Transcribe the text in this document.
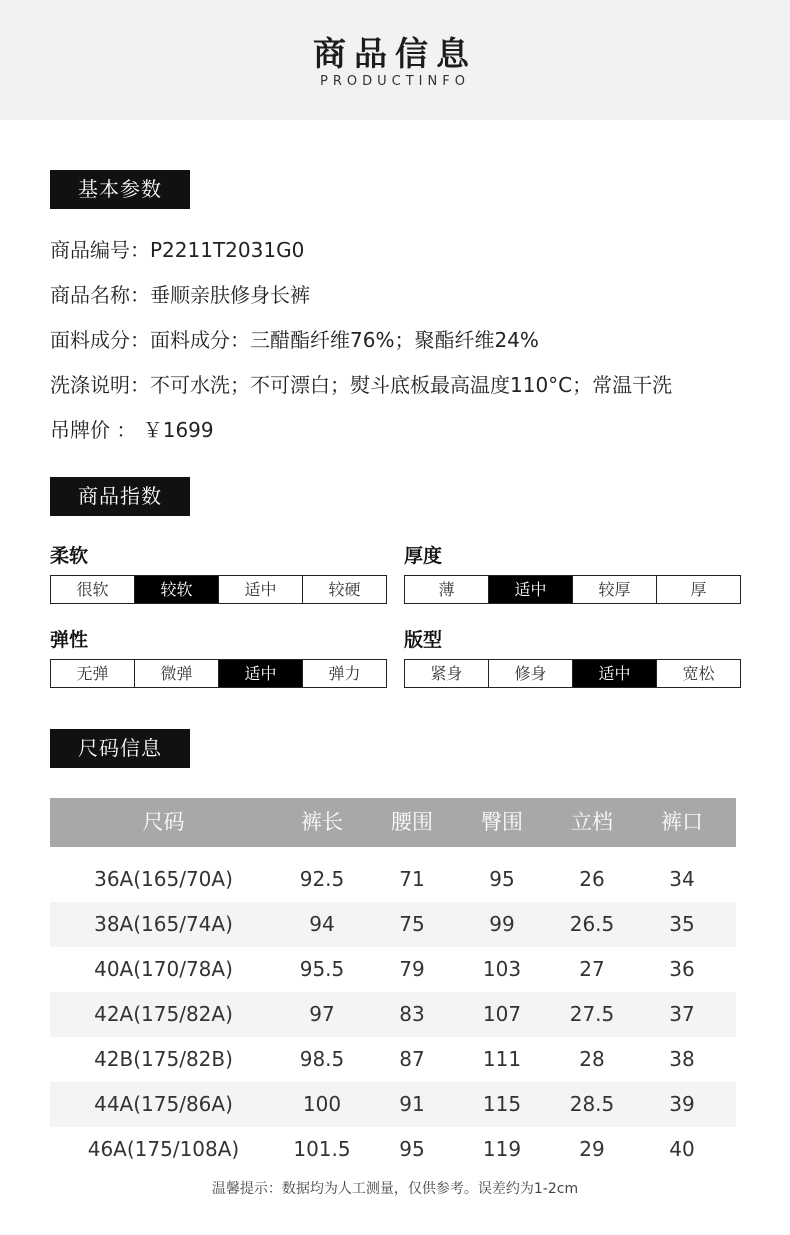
商品信息
PRODUCTINFO
基本参数
商品编号：P2211T2031G0
商品名称：垂顺亲肤修身长裤
面料成分：面料成分：三醋酯纤维76%；聚酯纤维24%
洗涤说明：不可水洗；不可漂白；熨斗底板最高温度110°C；常温干洗
吊牌价 ： ￥1699
商品指数
柔软
很软	较软	适中	较硬
厚度
薄	适中	较厚	厚
弹性
无弹	微弹	适中	弹力
版型
紧身	修身	适中	宽松
尺码信息
尺码	裤长	腰围	臀围	立档	裤口
36A(165/70A)	92.5	71	95	26	34
38A(165/74A)	94	75	99	26.5	35
40A(170/78A)	95.5	79	103	27	36
42A(175/82A)	97	83	107	27.5	37
42B(175/82B)	98.5	87	111	28	38
44A(175/86A)	100	91	115	28.5	39
46A(175/108A)	101.5	95	119	29	40
温馨提示：数据均为人工测量，仅供参考。误差约为1-2cm
